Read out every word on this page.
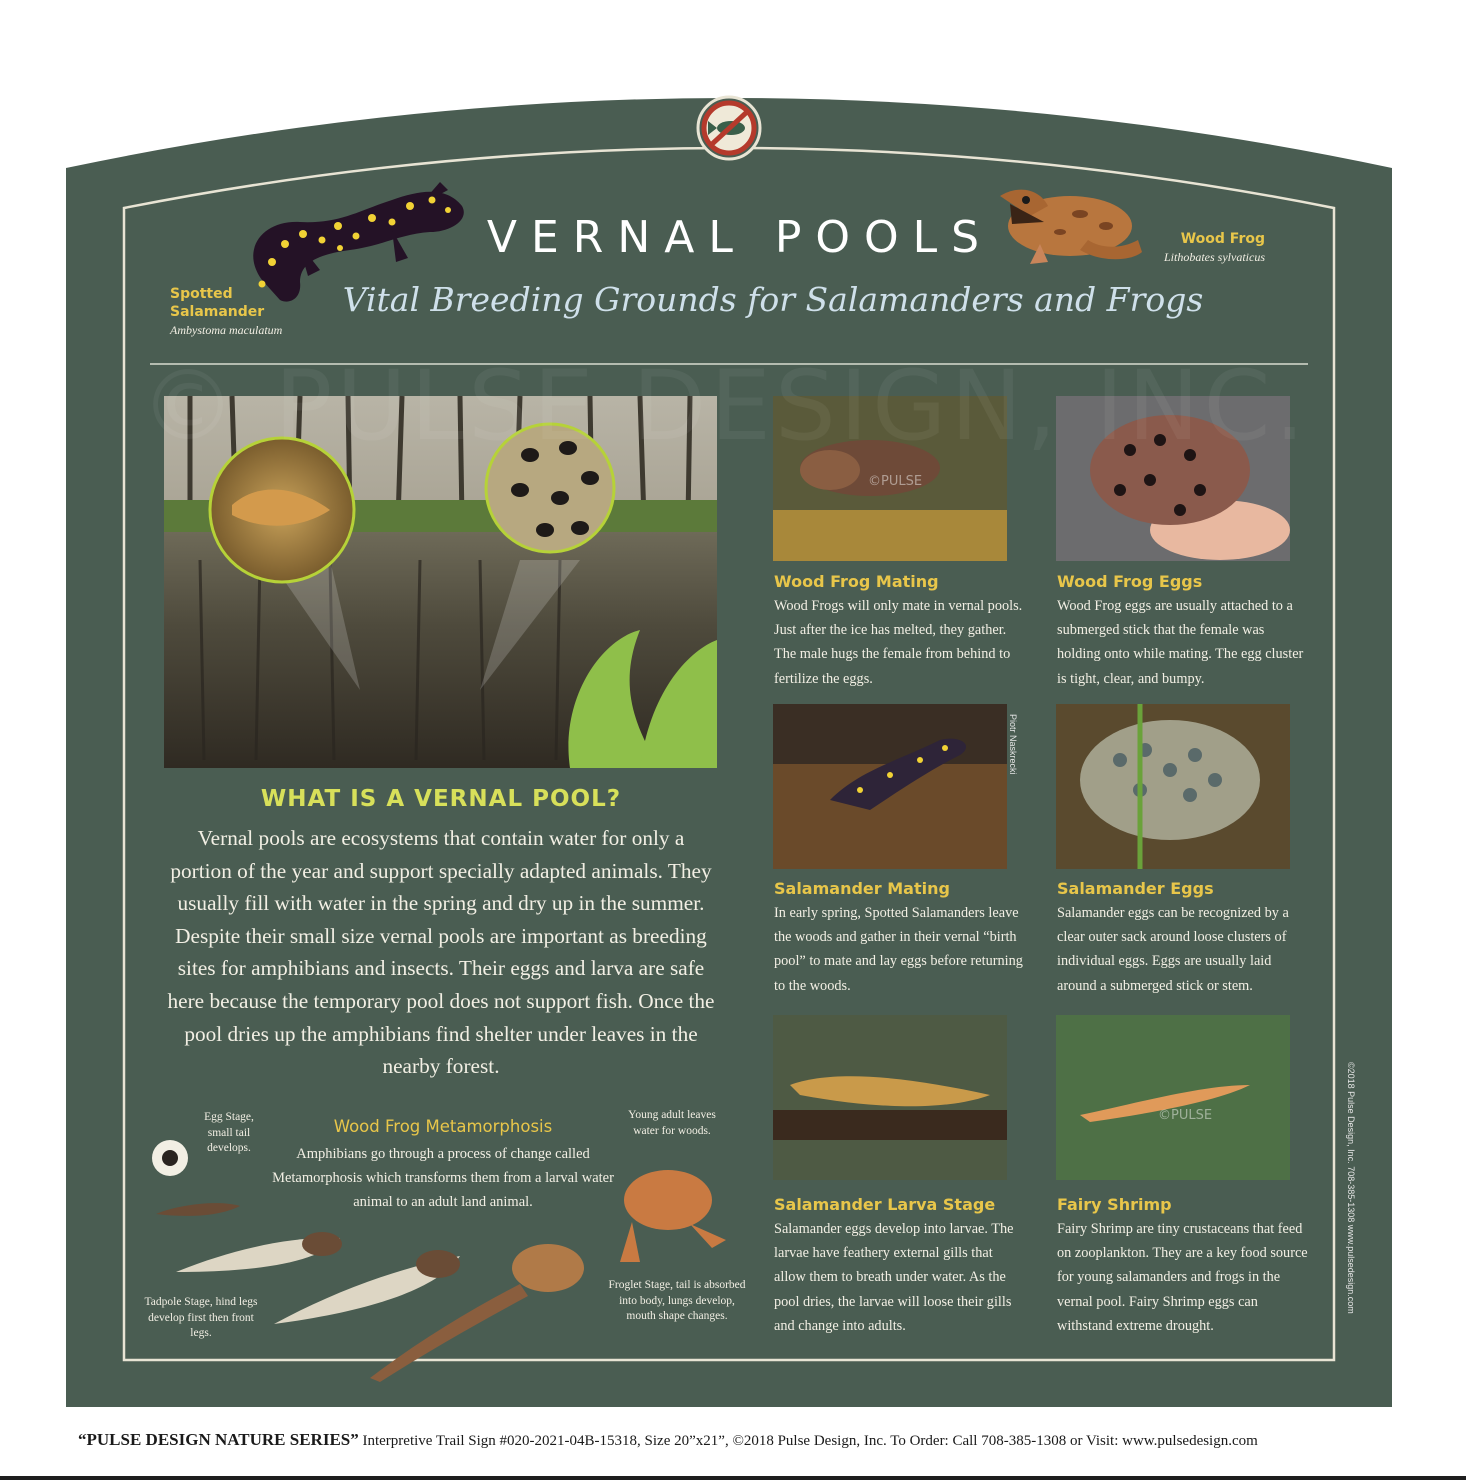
© PULSE DESIGN, INC.
VERNAL POOLS
Vital Breeding Grounds for Salamanders and Frogs
Spotted
Salamander
Ambystoma maculatum
Wood Frog
Lithobates sylvaticus
WHAT IS A VERNAL POOL?
Vernal pools are ecosystems that contain water for only a portion of the year and support specially adapted animals. They usually fill with water in the spring and dry up in the summer. Despite their small size vernal pools are important as breeding sites for amphibians and insects. Their eggs and larva are safe here because the temporary pool does not support fish. Once the pool dries up the amphibians find shelter under leaves in the nearby forest.
Wood Frog Metamorphosis
Amphibians go through a process of change called Metamorphosis which transforms them from a larval water animal to an adult land animal.
Egg Stage, small tail develops.
Tadpole Stage, hind legs develop first then front legs.
Froglet Stage, tail is absorbed into body, lungs develop, mouth shape changes.
Young adult leaves water for woods.
Wood Frog Mating
Wood Frogs will only mate in vernal pools. Just after the ice has melted, they gather. The male hugs the female from behind to fertilize the eggs.
Wood Frog Eggs
Wood Frog eggs are usually attached to a submerged stick that the female was holding onto while mating. The egg cluster is tight, clear, and bumpy.
Salamander Mating
In early spring, Spotted Salamanders leave the woods and gather in their vernal “birth pool” to mate and lay eggs before returning to the woods.
Salamander Eggs
Salamander eggs can be recognized by a clear outer sack around loose clusters of individual eggs. Eggs are usually laid around a submerged stick or stem.
Salamander Larva Stage
Salamander eggs develop into larvae. The larvae have feathery external gills that allow them to breath under water. As the pool dries, the larvae will loose their gills and change into adults.
Fairy Shrimp
Fairy Shrimp are tiny crustaceans that feed on zooplankton. They are a key food source for young salamanders and frogs in the vernal pool. Fairy Shrimp eggs can withstand extreme drought.
©PULSE
©PULSE
Piotr Naskrecki
©2018 Pulse Design, Inc. 708-385-1308 www.pulsedesign.com
“PULSE DESIGN NATURE SERIES” Interpretive Trail Sign #020-2021-04B-15318, Size 20”x21”, ©2018 Pulse Design, Inc. To Order: Call 708-385-1308 or Visit: www.pulsedesign.com
